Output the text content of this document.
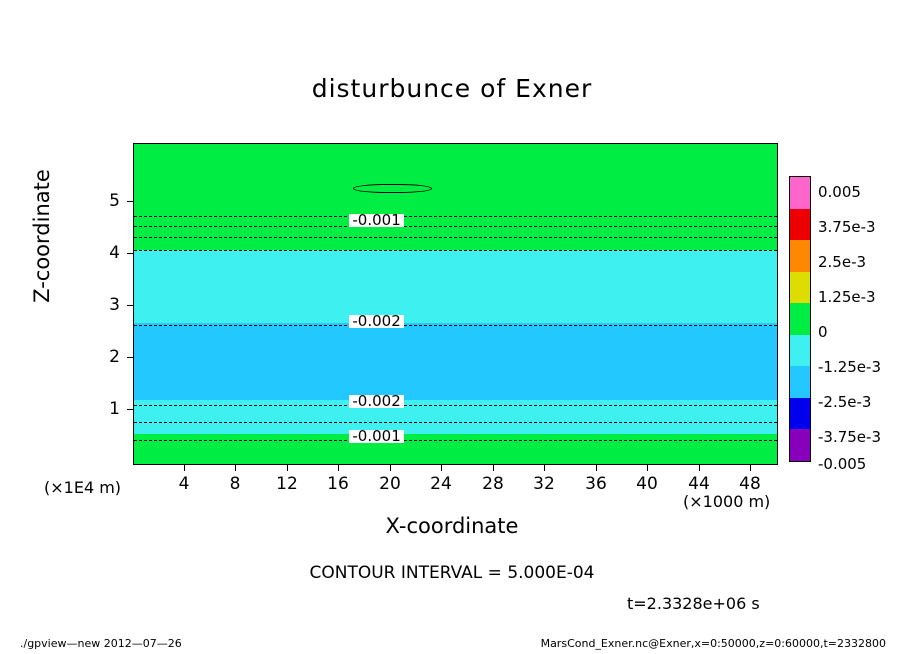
disturbunce of Exner
-0.001
-0.002
-0.002
-0.001
4	8	12	16	20	24	28	32	36	40	44	48
1
2
3
4
5
X-coordinate
Z-coordinate
(×1E4 m)
(×1000 m)
0.005
3.75e-3
2.5e-3
1.25e-3
0
-1.25e-3
-2.5e-3
-3.75e-3
-0.005
CONTOUR INTERVAL = 5.000E-04
t=2.3328e+06 s
./gpview—new 2012—07—26	MarsCond_Exner.nc@Exner,x=0:50000,z=0:60000,t=2332800
